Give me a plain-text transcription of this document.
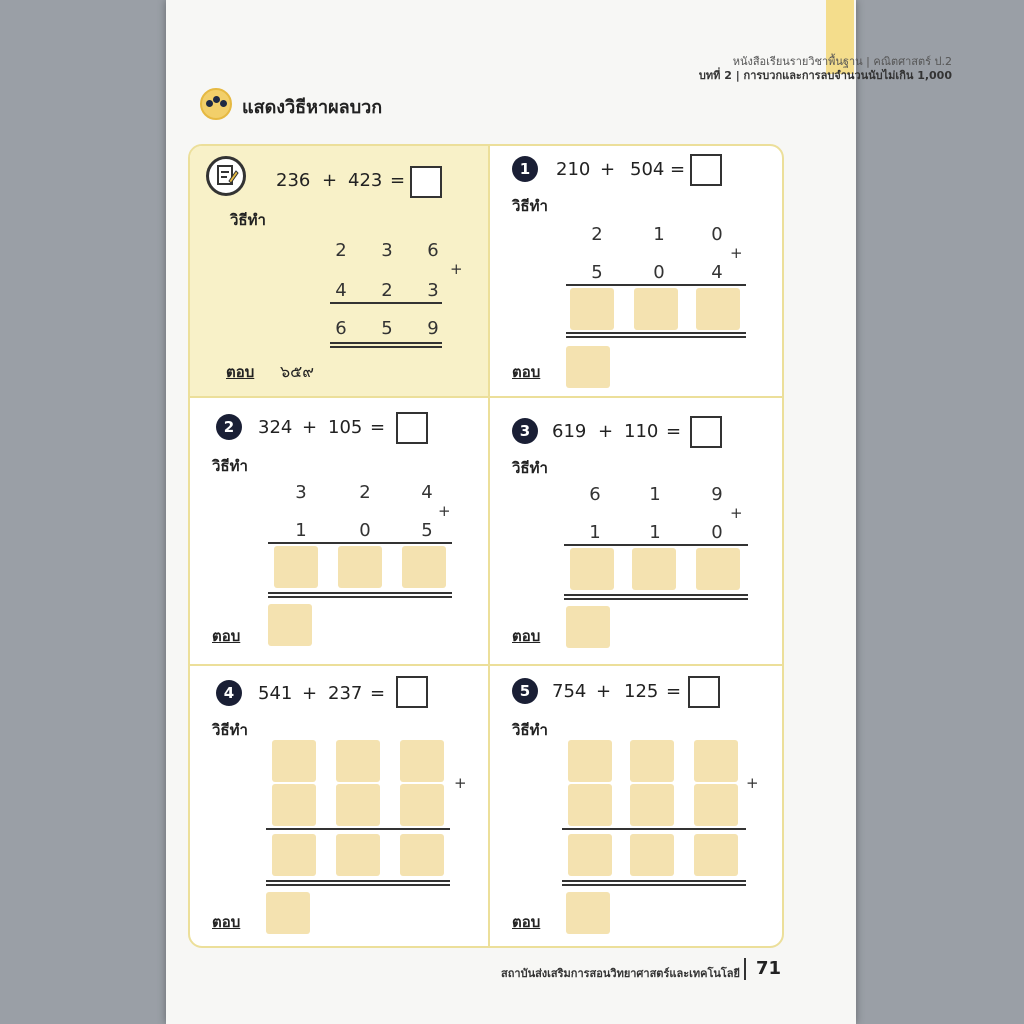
หนังสือเรียนรายวิชาพื้นฐาน | คณิตศาสตร์ ป.2
บทที่ 2 | การบวกและการลบจำนวนนับไม่เกิน 1,000
แสดงวิธีหาผลบวก
236 + 423 =
วิธีทำ
2	3	6
+
4	2	3
6	5	9
ตอบ ๖๕๙
1	210 + 504 =
วิธีทำ
2	1	0
+
5	0	4
ตอบ
2	324 + 105 =
วิธีทำ
3	2	4
+
1	0	5
ตอบ
3	619 + 110 =
วิธีทำ
6	1	9
+
1	1	0
ตอบ
4	541 + 237 =
วิธีทำ
+
ตอบ
5	754 + 125 =
วิธีทำ
+
ตอบ
สถาบันส่งเสริมการสอนวิทยาศาสตร์และเทคโนโลยี 71
